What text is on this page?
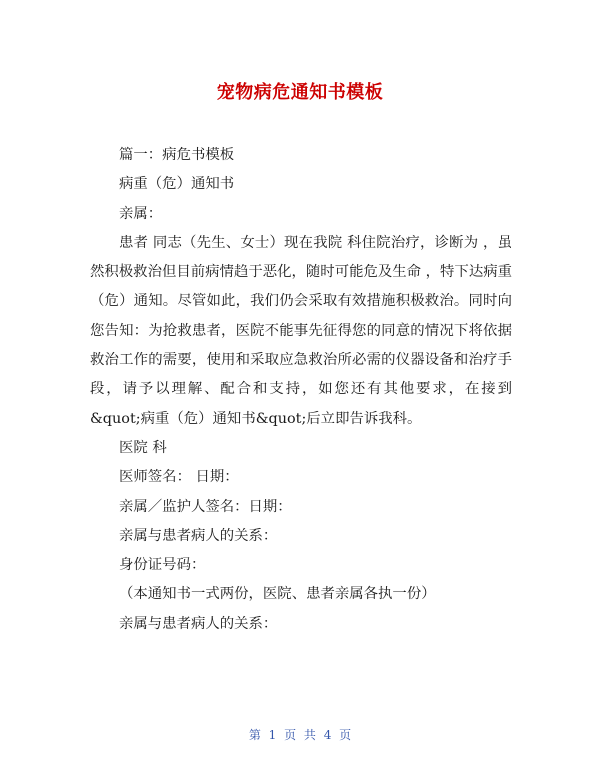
宠物病危通知书模板

篇一：病危书模板

病重（危）通知书

亲属：

患者 同志（先生、女士）现在我院 科住院治疗，诊断为 ，虽然积极救治但目前病情趋于恶化，随时可能危及生命 ，特下达病重（危）通知。尽管如此，我们仍会采取有效措施积极救治。同时向您告知：为抢救患者，医院不能事先征得您的同意的情况下将依据救治工作的需要，使用和采取应急救治所必需的仪器设备和治疗手段，请予以理解、配合和支持，如您还有其他要求，在接到&quot;病重（危）通知书&quot;后立即告诉我科。

医院 科

医师签名： 日期：

亲属／监护人签名：日期：

亲属与患者病人的关系：

身份证号码：

（本通知书一式两份，医院、患者亲属各执一份）

亲属与患者病人的关系：

第 1 页 共 4 页
